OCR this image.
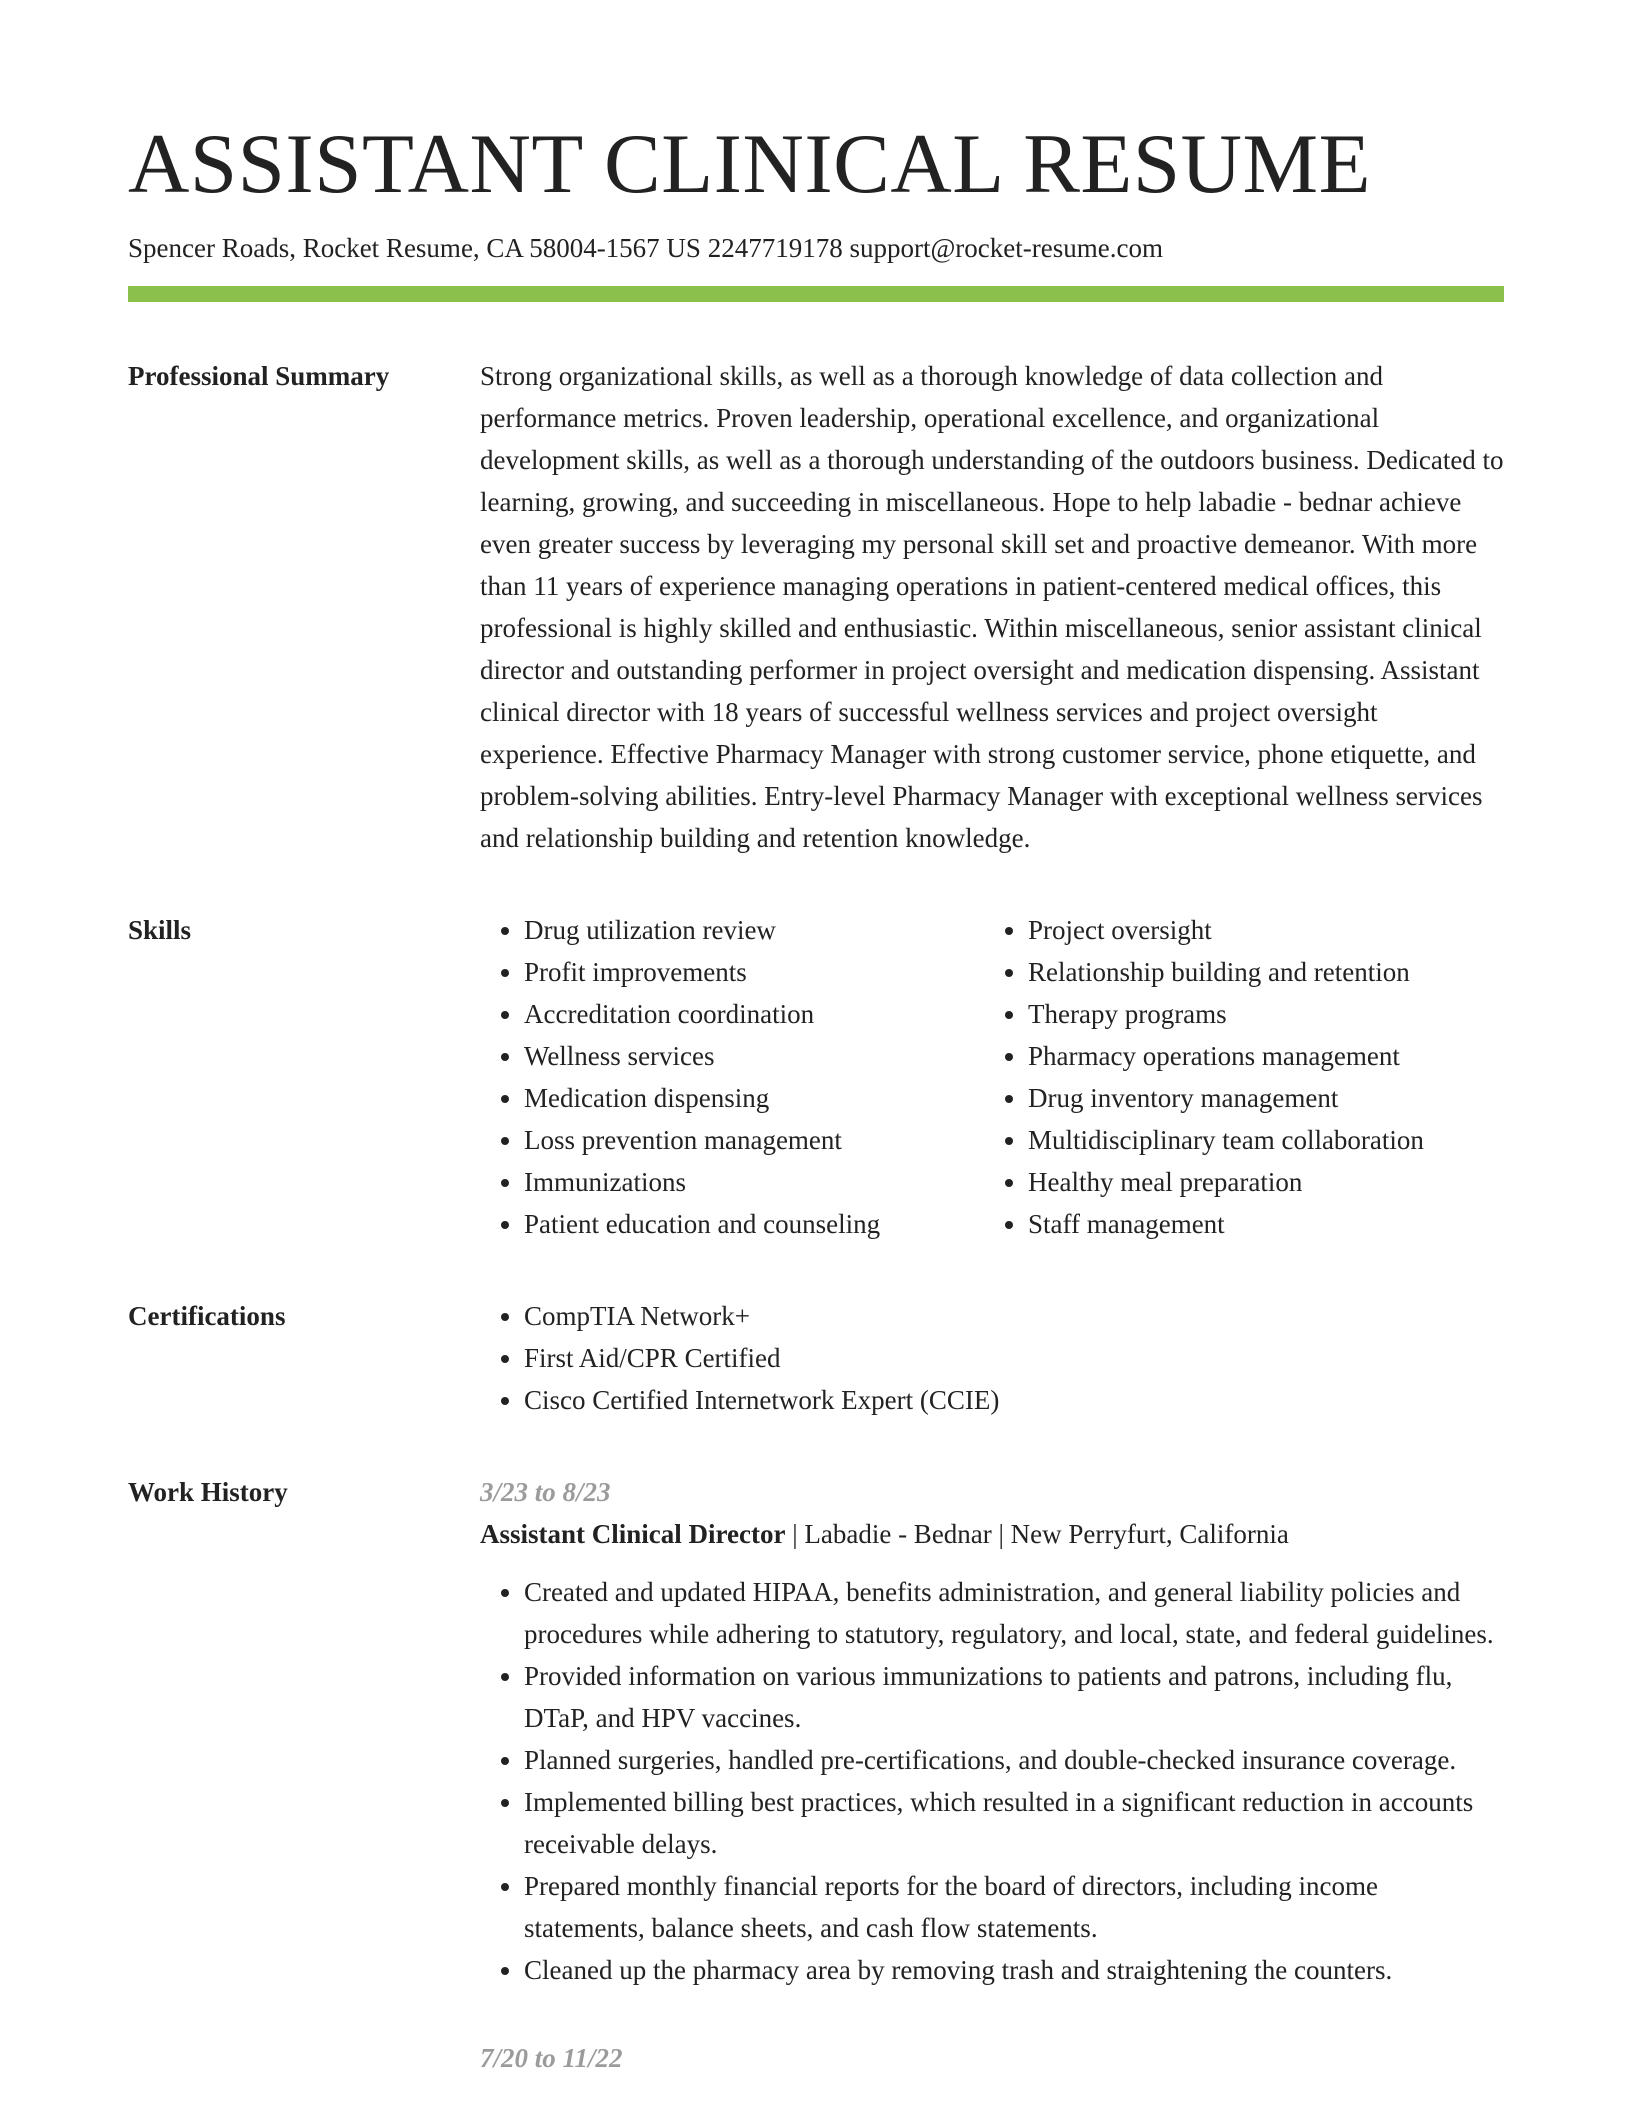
ASSISTANT CLINICAL RESUME
Spencer Roads, Rocket Resume, CA 58004-1567 US 2247719178 support@rocket-resume.com
Professional Summary	Strong organizational skills, as well as a thorough knowledge of data collection and performance metrics. Proven leadership, operational excellence, and organizational development skills, as well as a thorough understanding of the outdoors business. Dedicated to learning, growing, and succeeding in miscellaneous. Hope to help labadie - bednar achieve even greater success by leveraging my personal skill set and proactive demeanor. With more than 11 years of experience managing operations in patient-centered medical offices, this professional is highly skilled and enthusiastic. Within miscellaneous, senior assistant clinical director and outstanding performer in project oversight and medication dispensing. Assistant clinical director with 18 years of successful wellness services and project oversight experience. Effective Pharmacy Manager with strong customer service, phone etiquette, and problem-solving abilities. Entry-level Pharmacy Manager with exceptional wellness services and relationship building and retention knowledge.

Skills	• Drug utilization review
• Profit improvements
• Accreditation coordination
• Wellness services
• Medication dispensing
• Loss prevention management
• Immunizations
• Patient education and counseling
• Project oversight
• Relationship building and retention
• Therapy programs
• Pharmacy operations management
• Drug inventory management
• Multidisciplinary team collaboration
• Healthy meal preparation
• Staff management
Certifications	• CompTIA Network+
• First Aid/CPR Certified
• Cisco Certified Internetwork Expert (CCIE)
Work History	3/23 to 8/23
Assistant Clinical Director | Labadie - Bednar | New Perryfurt, California
• Created and updated HIPAA, benefits administration, and general liability policies and procedures while adhering to statutory, regulatory, and local, state, and federal guidelines.
• Provided information on various immunizations to patients and patrons, including flu, DTaP, and HPV vaccines.
• Planned surgeries, handled pre-certifications, and double-checked insurance coverage.
• Implemented billing best practices, which resulted in a significant reduction in accounts receivable delays.
• Prepared monthly financial reports for the board of directors, including income statements, balance sheets, and cash flow statements.
• Cleaned up the pharmacy area by removing trash and straightening the counters.
7/20 to 11/22
